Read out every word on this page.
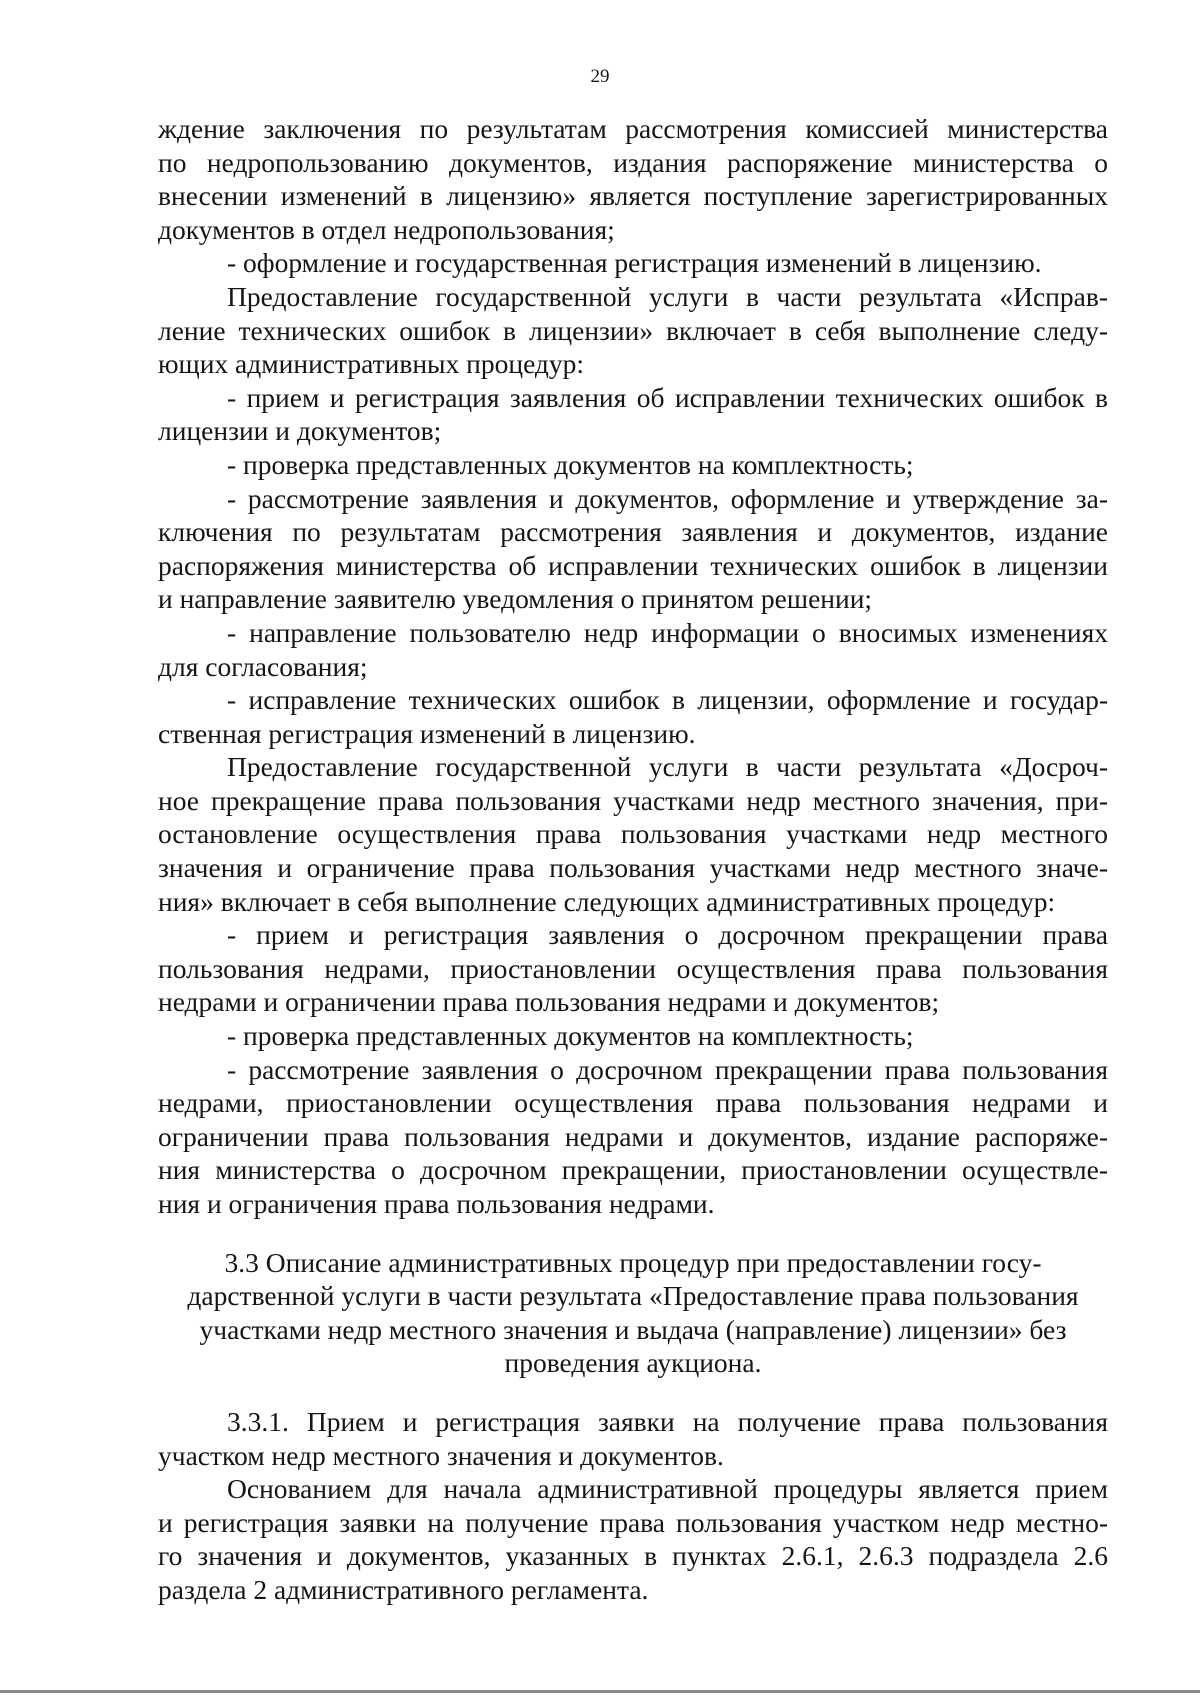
29
ждение заключения по результатам рассмотрения комиссией министерства
по недропользованию документов, издания распоряжение министерства о
внесении изменений в лицензию» является поступление зарегистрированных
документов в отдел недропользования;
- оформление и государственная регистрация изменений в лицензию.
Предоставление государственной услуги в части результата «Исправ-
ление технических ошибок в лицензии» включает в себя выполнение следу-
ющих административных процедур:
- прием и регистрация заявления об исправлении технических ошибок в
лицензии и документов;
- проверка представленных документов на комплектность;
- рассмотрение заявления и документов, оформление и утверждение за-
ключения по результатам рассмотрения заявления и документов, издание
распоряжения министерства об исправлении технических ошибок в лицензии
и направление заявителю уведомления о принятом решении;
- направление пользователю недр информации о вносимых изменениях
для согласования;
- исправление технических ошибок в лицензии, оформление и государ-
ственная регистрация изменений в лицензию.
Предоставление государственной услуги в части результата «Досроч-
ное прекращение права пользования участками недр местного значения, при-
остановление осуществления права пользования участками недр местного
значения и ограничение права пользования участками недр местного значе-
ния» включает в себя выполнение следующих административных процедур:
- прием и регистрация заявления о досрочном прекращении права
пользования недрами, приостановлении осуществления права пользования
недрами и ограничении права пользования недрами и документов;
- проверка представленных документов на комплектность;
- рассмотрение заявления о досрочном прекращении права пользования
недрами, приостановлении осуществления права пользования недрами и
ограничении права пользования недрами и документов, издание распоряже-
ния министерства о досрочном прекращении, приостановлении осуществле-
ния и ограничения права пользования недрами.
3.3 Описание административных процедур при предоставлении госу-
дарственной услуги в части результата «Предоставление права пользования
участками недр местного значения и выдача (направление) лицензии» без
проведения аукциона.
3.3.1. Прием и регистрация заявки на получение права пользования
участком недр местного значения и документов.
Основанием для начала административной процедуры является прием
и регистрация заявки на получение права пользования участком недр местно-
го значения и документов, указанных в пунктах 2.6.1, 2.6.3 подраздела 2.6
раздела 2 административного регламента.
